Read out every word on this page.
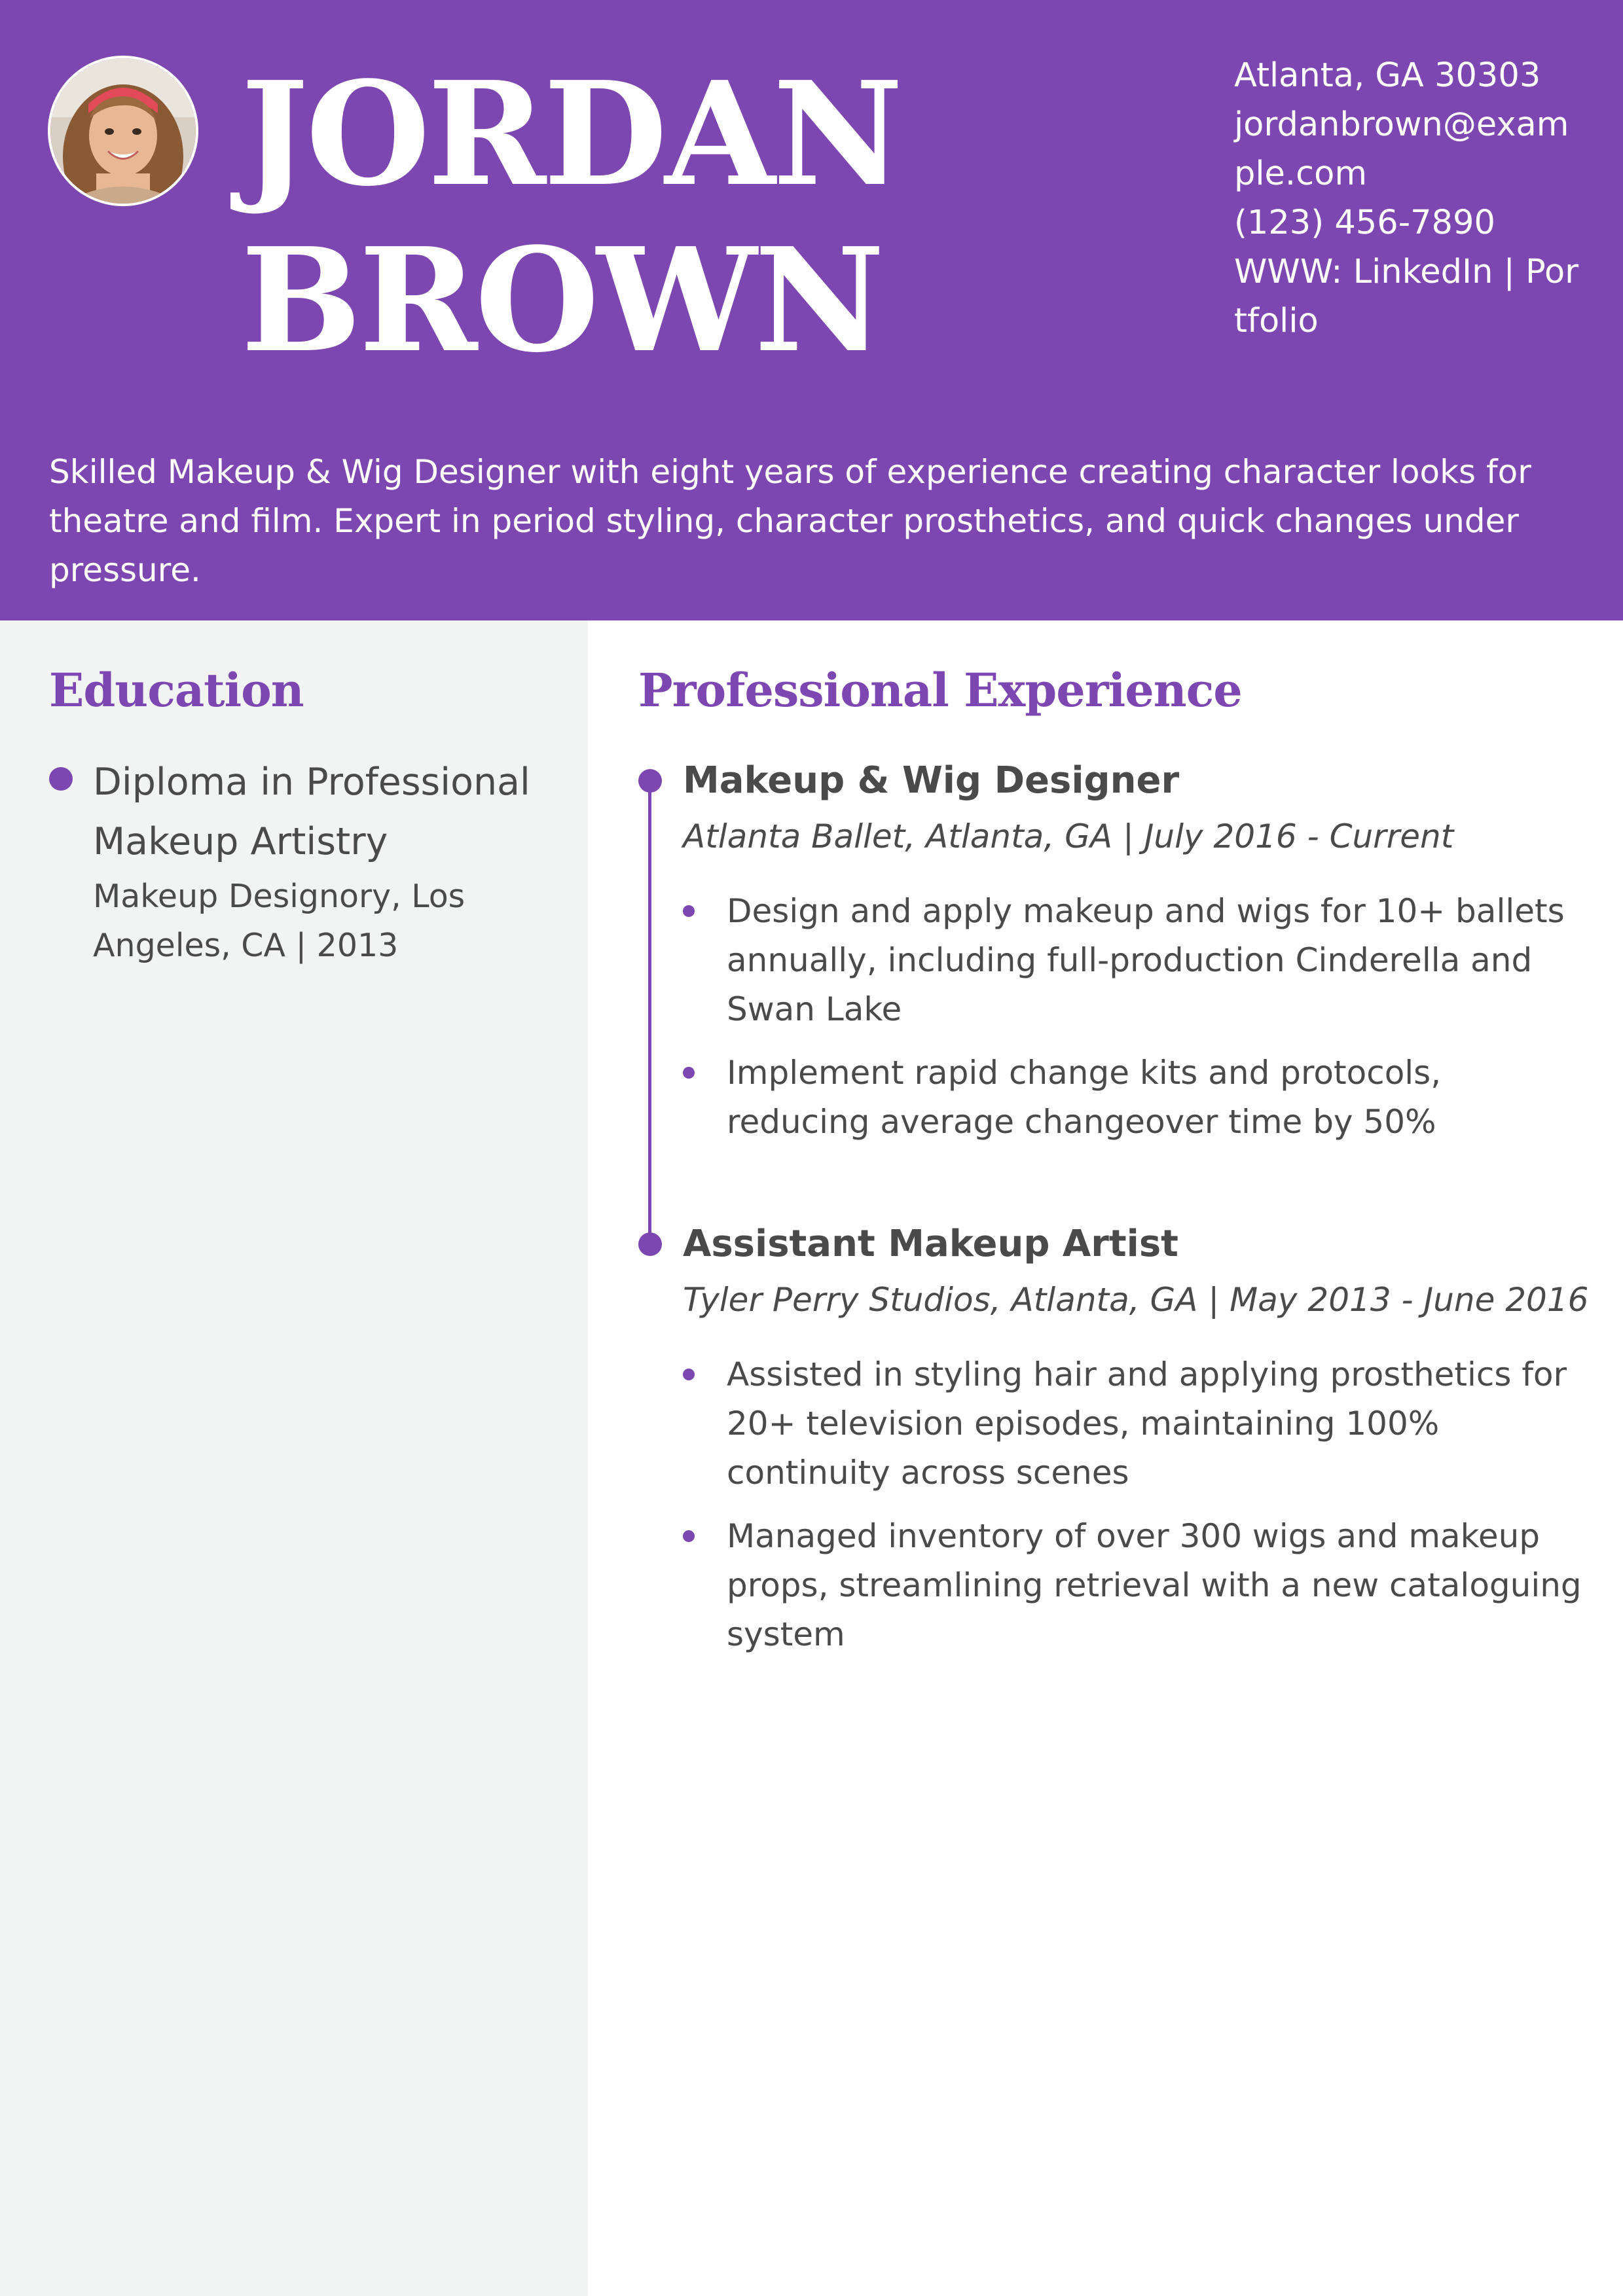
JORDAN
BROWN
Atlanta, GA 30303
jordanbrown@example.com
(123) 456-7890
WWW: LinkedIn | Portfolio
Skilled Makeup & Wig Designer with eight years of experience creating character looks for theatre and film. Expert in period styling, character prosthetics, and quick changes under pressure.
Education
Diploma in Professional Makeup Artistry
Makeup Designory, Los Angeles, CA | 2013
Professional Experience
Makeup & Wig Designer
Atlanta Ballet, Atlanta, GA | July 2016 - Current
Design and apply makeup and wigs for 10+ ballets annually, including full-production Cinderella and Swan Lake
Implement rapid change kits and protocols, reducing average changeover time by 50%
Assistant Makeup Artist
Tyler Perry Studios, Atlanta, GA | May 2013 - June 2016
Assisted in styling hair and applying prosthetics for 20+ television episodes, maintaining 100% continuity across scenes
Managed inventory of over 300 wigs and makeup props, streamlining retrieval with a new cataloguing system
